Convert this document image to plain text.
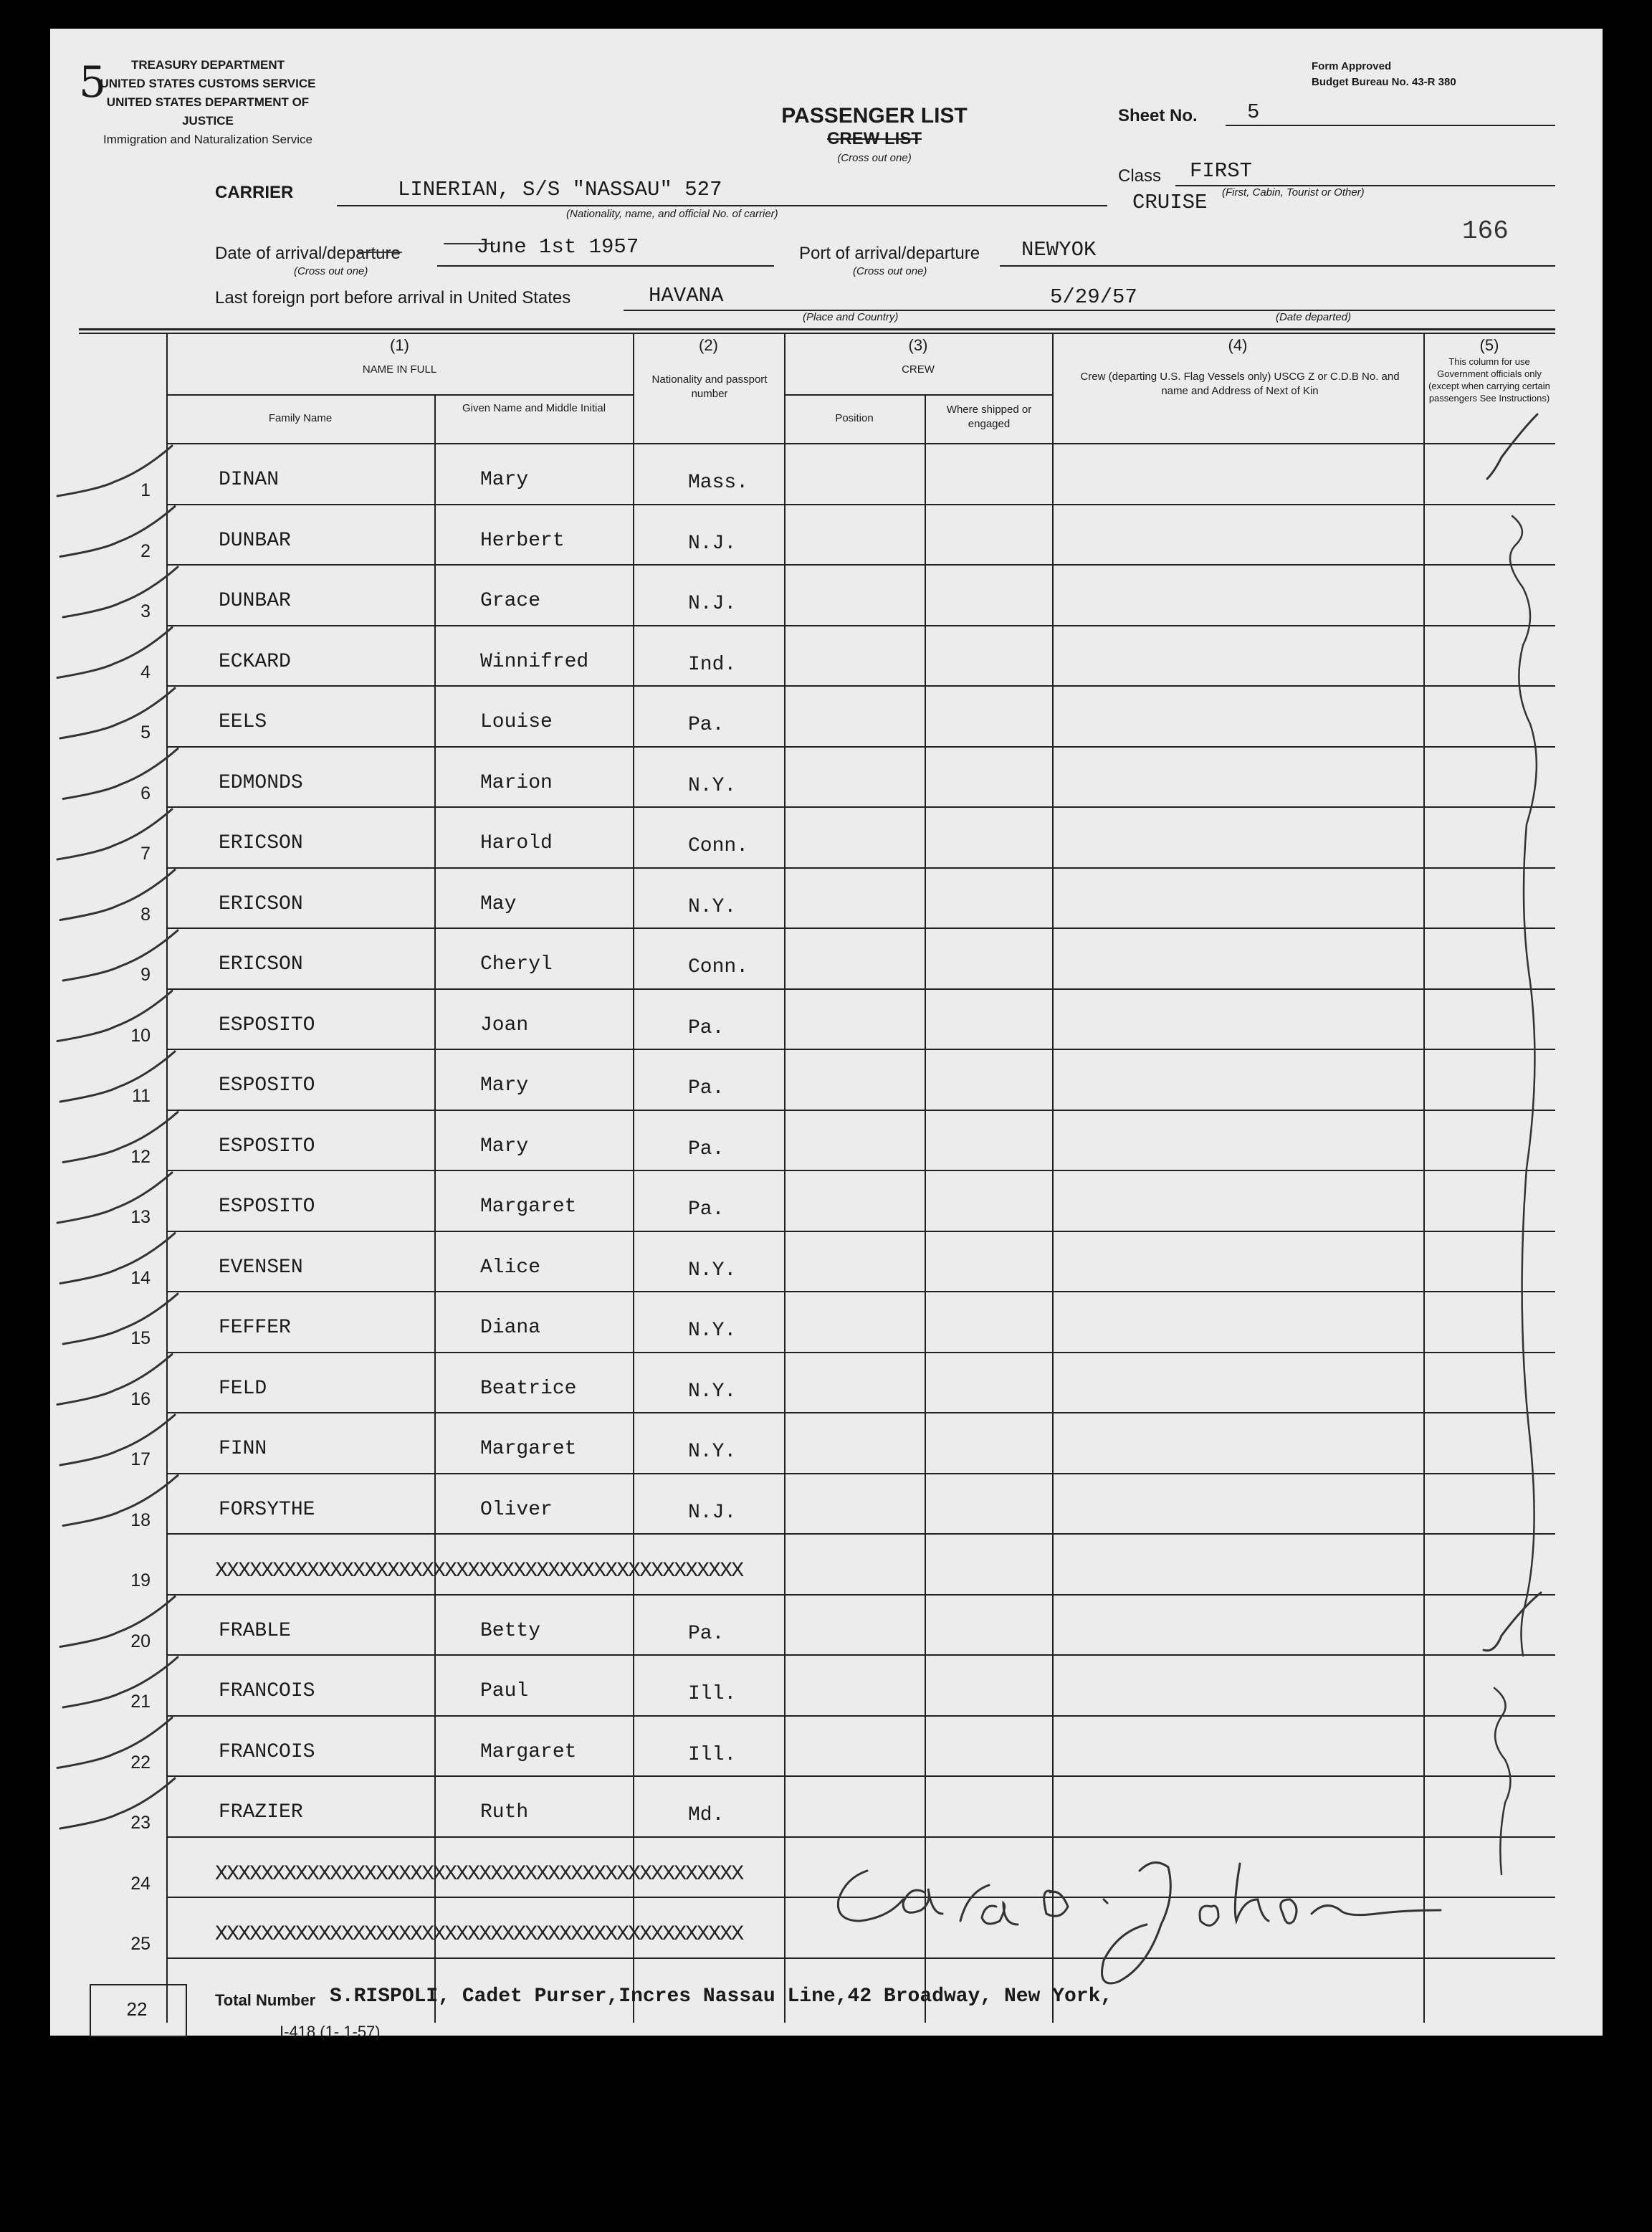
5	TREASURY DEPARTMENT
UNITED STATES CUSTOMS SERVICE
UNITED STATES DEPARTMENT OF JUSTICE
Immigration and Naturalization Service
Form Approved
Budget Bureau No. 43-R 380
PASSENGER LIST
CREW LIST
(Cross out one)
Sheet No. 5
Class FIRST
CRUISE (First, Cabin, Tourist or Other)
CARRIER	LINERIAN, S/S "NASSAU" 527
(Nationality, name, and official No. of carrier)
166
Date of arrival/departure
(Cross out one)
June 1st 1957	Port of arrival/departure
(Cross out one)
NEWYOK
Last foreign port before arrival in United States	HAVANA	5/29/57
(Place and Country)	(Date departed)
(1)
NAME IN FULL
Family Name
Given Name and Middle Initial
(2)
Nationality and passport number
(3)
CREW
Position
Where shipped or engaged
(4)
Crew (departing U.S. Flag Vessels only) USCG Z or C.D.B No. and name and Address of Next of Kin
(5)
This column for use Government officials only (except when carrying certain passengers See Instructions)
1	DINAN	Mary	Mass.
2	DUNBAR	Herbert	N.J.
3	DUNBAR	Grace	N.J.
4	ECKARD	Winnifred	Ind.
5	EELS	Louise	Pa.
6	EDMONDS	Marion	N.Y.
7	ERICSON	Harold	Conn.
8	ERICSON	May	N.Y.
9	ERICSON	Cheryl	Conn.
10	ESPOSITO	Joan	Pa.
11	ESPOSITO	Mary	Pa.
12	ESPOSITO	Mary	Pa.
13	ESPOSITO	Margaret	Pa.
14	EVENSEN	Alice	N.Y.
15	FEFFER	Diana	N.Y.
16	FELD	Beatrice	N.Y.
17	FINN	Margaret	N.Y.
18	FORSYTHE	Oliver	N.J.
19	XXXXXXXXXXXXXXXXXXXXXXXXXXXXXXXXXXXXXXXXXXXXXX
20	FRABLE	Betty	Pa.
21	FRANCOIS	Paul	Ill.
22	FRANCOIS	Margaret	Ill.
23	FRAZIER	Ruth	Md.
24	XXXXXXXXXXXXXXXXXXXXXXXXXXXXXXXXXXXXXXXXXXXXXX
25	XXXXXXXXXXXXXXXXXXXXXXXXXXXXXXXXXXXXXXXXXXXXXX
22	Total Number S.RISPOLI, Cadet Purser,Incres Nassau Line,42 Broadway, New York,
I-418 (1- 1-57)
